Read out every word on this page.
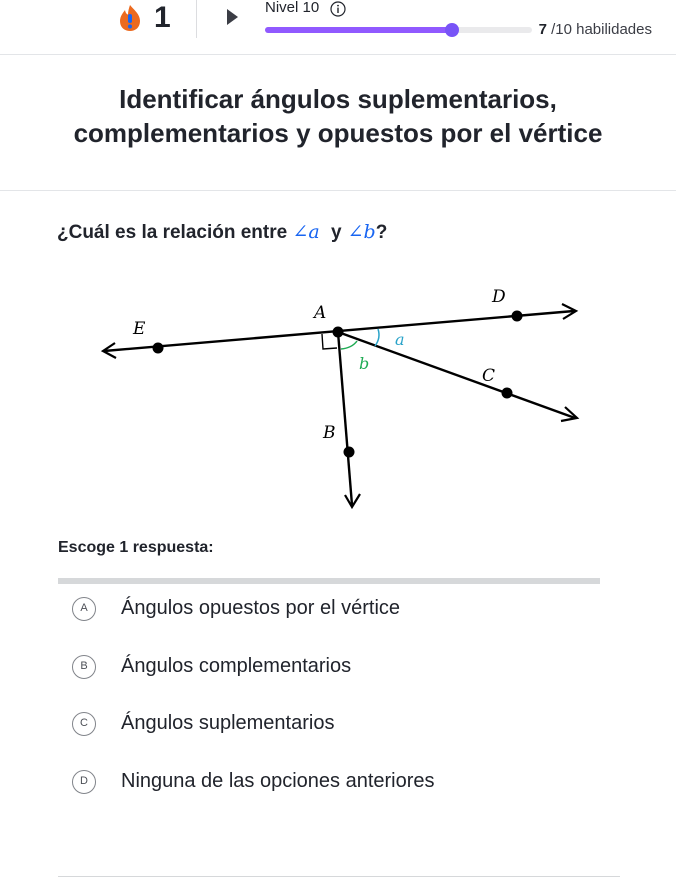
1	Nivel 10
7 /10 habilidades
Identificar ángulos suplementarios,
complementarios y opuestos por el vértice
¿Cuál es la relación entre ∠a y ∠b?
A
D
E
C
B
a
b
Escoge 1 respuesta:
A	Ángulos opuestos por el vértice
B	Ángulos complementarios
C	Ángulos suplementarios
D	Ninguna de las opciones anteriores
